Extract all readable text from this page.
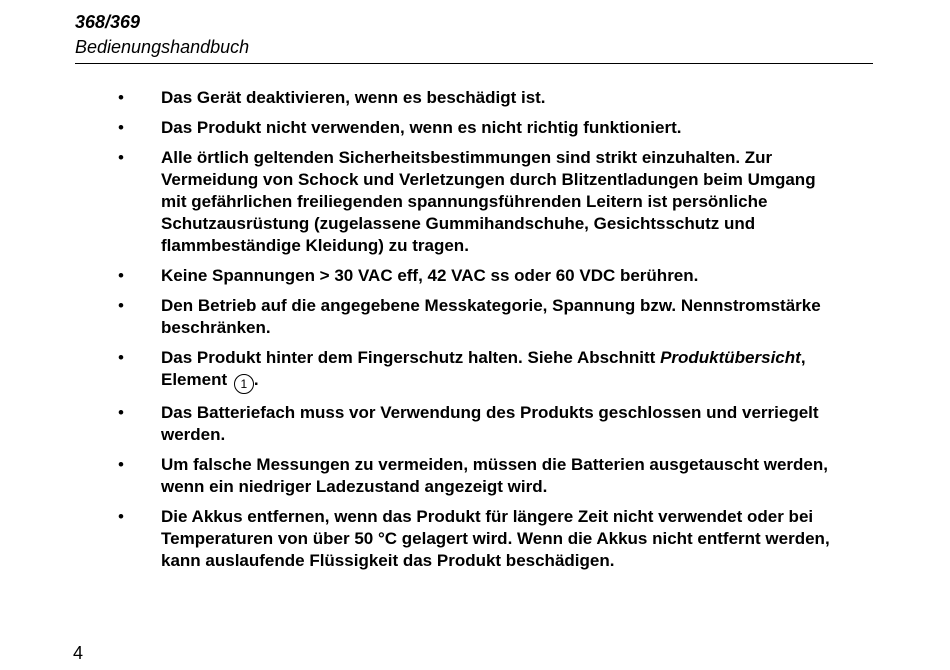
368/369
Bedienungshandbuch
• Das Gerät deaktivieren, wenn es beschädigt ist.
• Das Produkt nicht verwenden, wenn es nicht richtig funktioniert.
• Alle örtlich geltenden Sicherheitsbestimmungen sind strikt einzuhalten. Zur Vermeidung von Schock und Verletzungen durch Blitzentladungen beim Umgang mit gefährlichen freiliegenden spannungsführenden Leitern ist persönliche Schutzausrüstung (zugelassene Gummihandschuhe, Gesichtsschutz und flammbeständige Kleidung) zu tragen.
• Keine Spannungen > 30 VAC eff, 42 VAC ss oder 60 VDC berühren.
• Den Betrieb auf die angegebene Messkategorie, Spannung bzw. Nennstromstärke beschränken.
• Das Produkt hinter dem Fingerschutz halten. Siehe Abschnitt Produktübersicht, Element 1 .
• Das Batteriefach muss vor Verwendung des Produkts geschlossen und verriegelt werden.
• Um falsche Messungen zu vermeiden, müssen die Batterien ausgetauscht werden, wenn ein niedriger Ladezustand angezeigt wird.
• Die Akkus entfernen, wenn das Produkt für längere Zeit nicht verwendet oder bei Temperaturen von über 50 °C gelagert wird. Wenn die Akkus nicht entfernt werden, kann auslaufende Flüssigkeit das Produkt beschädigen.
4
